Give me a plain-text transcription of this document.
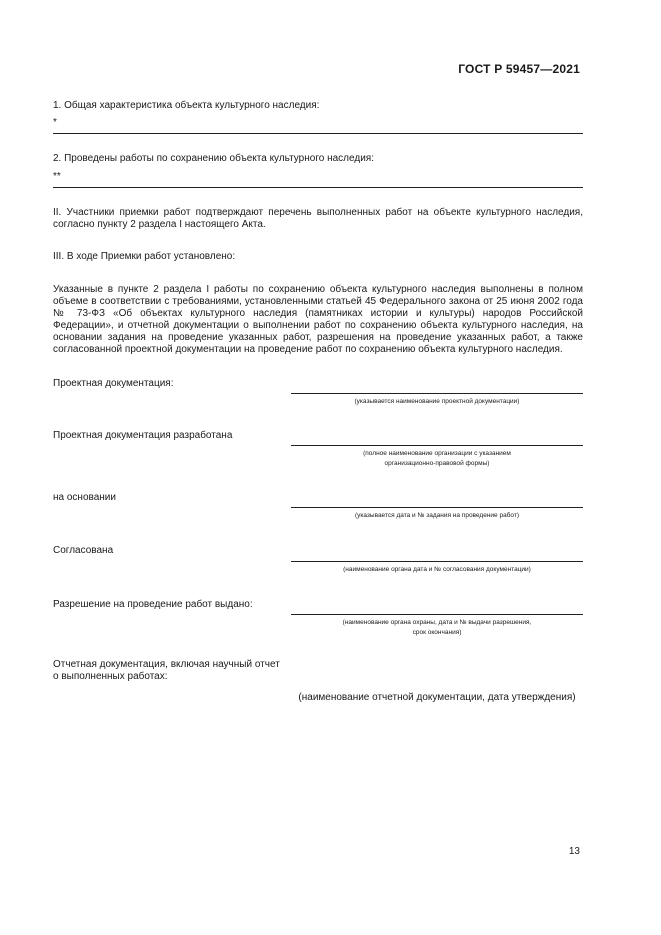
ГОСТ Р 59457—2021
1. Общая характеристика объекта культурного наследия:
*
2. Проведены работы по сохранению объекта культурного наследия:
**
II. Участники приемки работ подтверждают перечень выполненных работ на объекте культурного наследия, согласно пункту 2 раздела I настоящего Акта.
III. В ходе Приемки работ установлено:
Указанные в пункте 2 раздела I работы по сохранению объекта культурного наследия выполнены в полном объеме в соответствии с требованиями, установленными статьей 45 Федерального закона от 25 июня 2002 года № 73-ФЗ «Об объектах культурного наследия (памятниках истории и культуры) народов Российской Федерации», и отчетной документации о выполнении работ по сохранению объекта культурного наследия, на основании задания на проведение указанных работ, разрешения на проведение указанных работ, а также согласованной проектной документации на проведение работ по сохранению объекта культурного наследия.
Проектная документация:
(указывается наименование проектной документации)
Проектная документация разработана
(полное наименование организации с указанием
организационно-правовой формы)
на основании
(указывается дата и № задания на проведение работ)
Согласована
(наименование органа дата и № согласования документации)
Разрешение на проведение работ выдано:
(наименование органа охраны, дата и № выдачи разрешения,
срок окончания)
Отчетная документация, включая научный отчет
о выполненных работах:
(наименование отчетной документации, дата утверждения)
13
